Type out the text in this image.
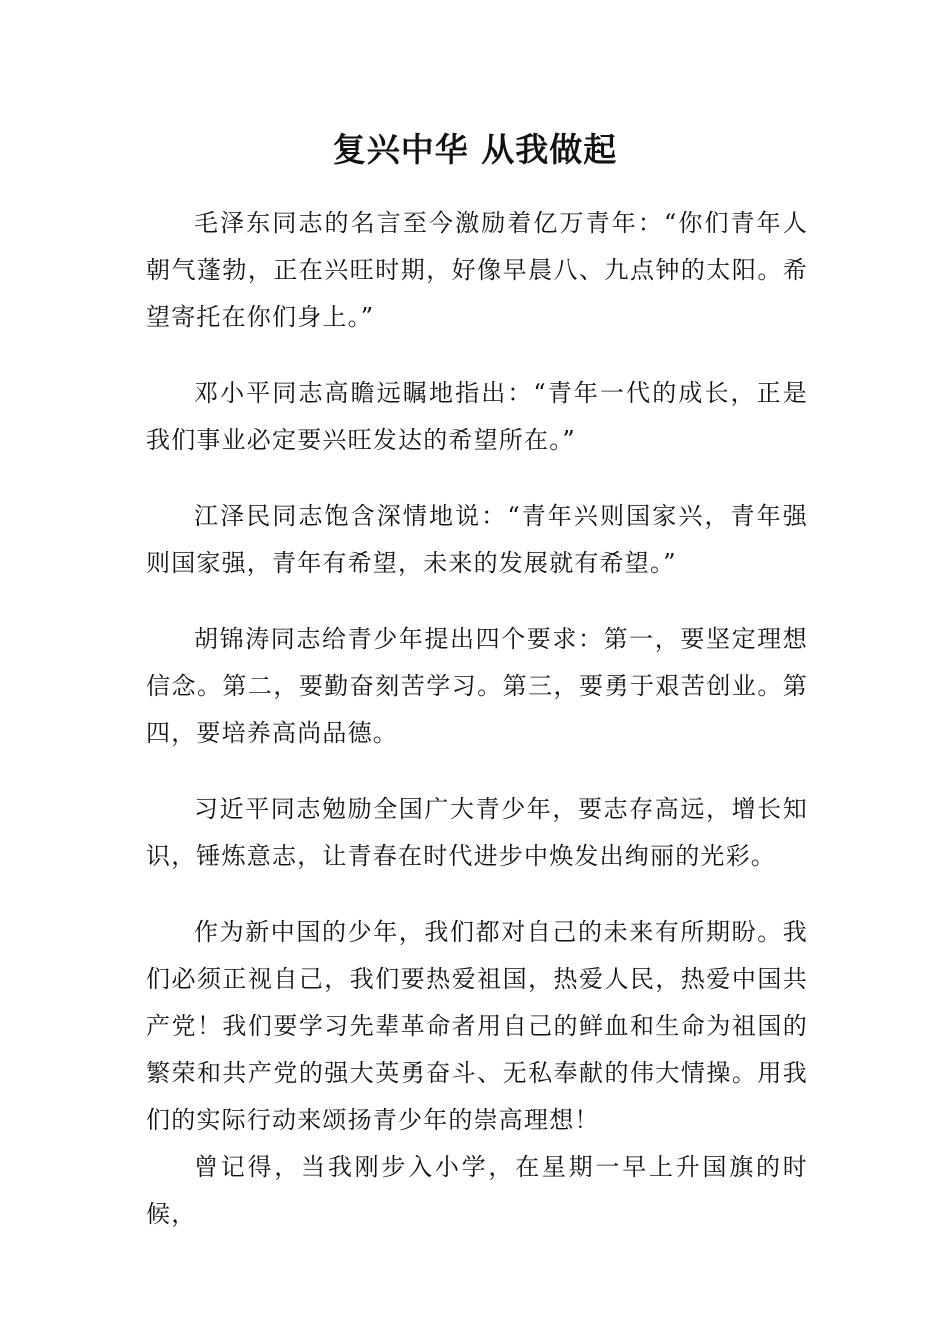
复兴中华 从我做起

毛泽东同志的名言至今激励着亿万青年：“你们青年人朝气蓬勃，正在兴旺时期，好像早晨八、九点钟的太阳。希望寄托在你们身上。”

邓小平同志高瞻远瞩地指出：“青年一代的成长，正是我们事业必定要兴旺发达的希望所在。”

江泽民同志饱含深情地说：“青年兴则国家兴，青年强则国家强，青年有希望，未来的发展就有希望。”

胡锦涛同志给青少年提出四个要求：第一，要坚定理想信念。第二，要勤奋刻苦学习。第三，要勇于艰苦创业。第四，要培养高尚品德。

习近平同志勉励全国广大青少年，要志存高远，增长知识，锤炼意志，让青春在时代进步中焕发出绚丽的光彩。

作为新中国的少年，我们都对自己的未来有所期盼。我们必须正视自己，我们要热爱祖国，热爱人民，热爱中国共产党！我们要学习先辈革命者用自己的鲜血和生命为祖国的繁荣和共产党的强大英勇奋斗、无私奉献的伟大情操。用我们的实际行动来颂扬青少年的崇高理想！

曾记得，当我刚步入小学，在星期一早上升国旗的时候，
